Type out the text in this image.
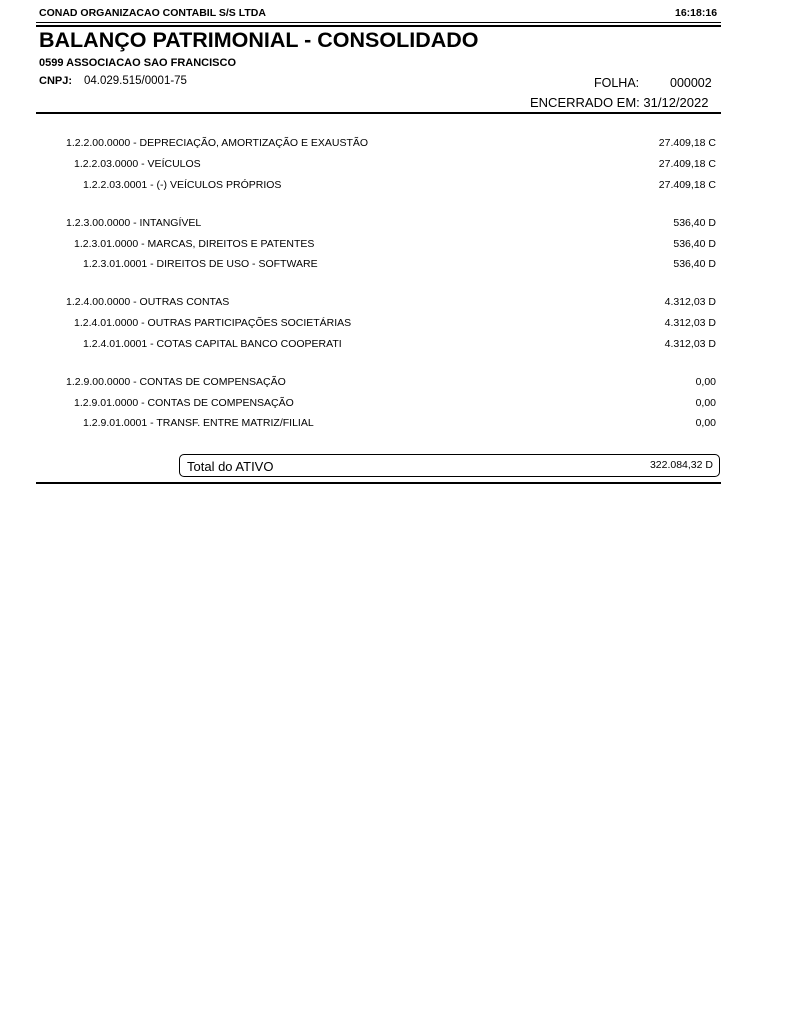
CONAD ORGANIZACAO CONTABIL S/S LTDA	16:18:16
BALANÇO PATRIMONIAL - CONSOLIDADO
0599 ASSOCIACAO SAO FRANCISCO
CNPJ: 04.029.515/0001-75	FOLHA: 000002
ENCERRADO EM: 31/12/2022
1.2.2.00.0000 - DEPRECIAÇÃO, AMORTIZAÇÃO E EXAUSTÃO	27.409,18 C
1.2.2.03.0000 - VEÍCULOS	27.409,18 C
1.2.2.03.0001 - (-) VEÍCULOS PRÓPRIOS	27.409,18 C
1.2.3.00.0000 - INTANGÍVEL	536,40 D
1.2.3.01.0000 - MARCAS, DIREITOS E PATENTES	536,40 D
1.2.3.01.0001 - DIREITOS DE USO - SOFTWARE	536,40 D
1.2.4.00.0000 - OUTRAS CONTAS	4.312,03 D
1.2.4.01.0000 - OUTRAS PARTICIPAÇÕES SOCIETÁRIAS	4.312,03 D
1.2.4.01.0001 - COTAS CAPITAL BANCO COOPERATI	4.312,03 D
1.2.9.00.0000 - CONTAS DE COMPENSAÇÃO	0,00
1.2.9.01.0000 - CONTAS DE COMPENSAÇÃO	0,00
1.2.9.01.0001 - TRANSF. ENTRE MATRIZ/FILIAL	0,00
Total do ATIVO	322.084,32 D
